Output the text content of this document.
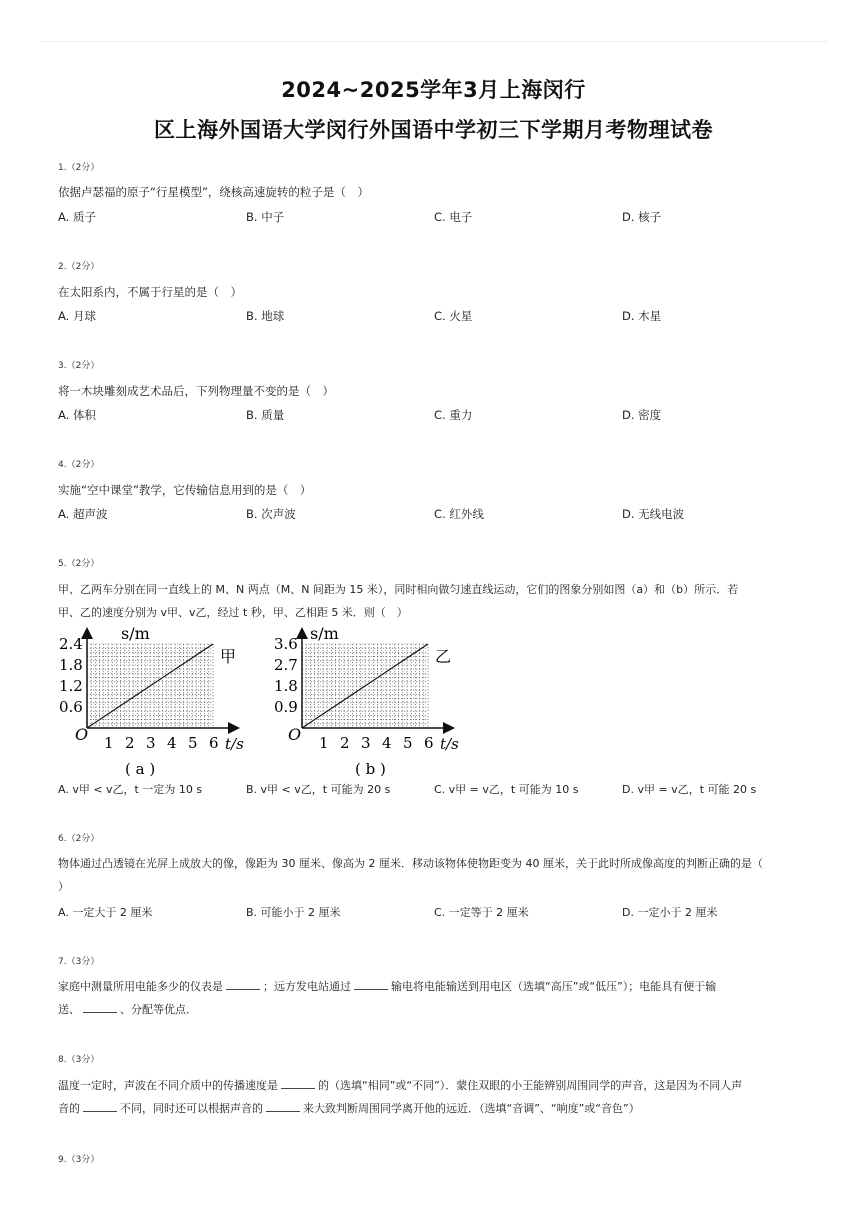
2024~2025学年3月上海闵行
区上海外国语大学闵行外国语中学初三下学期月考物理试卷
1.（2分）
依据卢瑟福的原子“行星模型”，绕核高速旋转的粒子是（　）
A. 质子	B. 中子	C. 电子	D. 核子
2.（2分）
在太阳系内，不属于行星的是（　）
A. 月球	B. 地球	C. 火星	D. 木星
3.（2分）
将一木块雕刻成艺术品后，下列物理量不变的是（　）
A. 体积	B. 质量	C. 重力	D. 密度
4.（2分）
实施“空中课堂”教学，它传输信息用到的是（　）
A. 超声波	B. 次声波	C. 红外线	D. 无线电波
5.（2分）
甲、乙两车分别在同一直线上的 M、N 两点（M、N 间距为 15 米），同时相向做匀速直线运动，它们的图象分别如图（a）和（b）所示．若
甲、乙的速度分别为 v甲、v乙，经过 t 秒，甲、乙相距 5 米．则（　）
s/m
O	t/s
甲
( a )
2.4
1.8
1.2
0.6
1 2 3 4 5 6
s/m
O	t/s
乙
( b )
3.6
2.7
1.8
0.9
1 2 3 4 5 6
A. v甲 < v乙，t 一定为 10 s	B. v甲 < v乙，t 可能为 20 s	C. v甲 = v乙，t 可能为 10 s	D. v甲 = v乙，t 可能 20 s
6.（2分）
物体通过凸透镜在光屏上成放大的像，像距为 30 厘米、像高为 2 厘米．移动该物体使物距变为 40 厘米，关于此时所成像高度的判断正确的是（
）
A. 一定大于 2 厘米	B. 可能小于 2 厘米	C. 一定等于 2 厘米	D. 一定小于 2 厘米
7.（3分）
家庭中测量所用电能多少的仪表是	；远方发电站通过	输电将电能输送到用电区（选填“高压”或“低压”）；电能具有便于输
送、	、分配等优点．
8.（3分）
温度一定时，声波在不同介质中的传播速度是	的（选填“相同”或“不同”）．蒙住双眼的小王能辨别周围同学的声音，这是因为不同人声
音的	不同，同时还可以根据声音的	来大致判断周围同学离开他的远近．（选填“音调”、“响度”或“音色”）
9.（3分）
